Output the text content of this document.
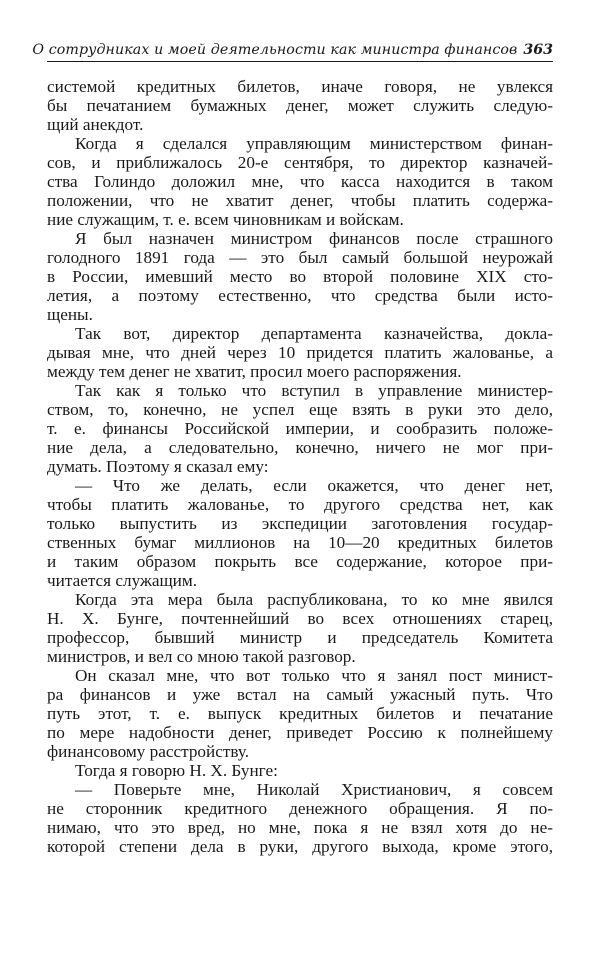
О сотрудниках и моей деятельности как министра финансов 363
системой кредитных билетов, иначе говоря, не увлекся
бы печатанием бумажных денег, может служить следую-
щий анекдот.
Когда я сделался управляющим министерством финан-
сов, и приближалось 20-е сентября, то директор казначей-
ства Голиндо доложил мне, что касса находится в таком
положении, что не хватит денег, чтобы платить содержа-
ние служащим, т. е. всем чиновникам и войскам.
Я был назначен министром финансов после страшного
голодного 1891 года — это был самый большой неурожай
в России, имевший место во второй половине XIX сто-
летия, а поэтому естественно, что средства были исто-
щены.
Так вот, директор департамента казначейства, докла-
дывая мне, что дней через 10 придется платить жалованье, а
между тем денег не хватит, просил моего распоряжения.
Так как я только что вступил в управление министер-
ством, то, конечно, не успел еще взять в руки это дело,
т. е. финансы Российской империи, и сообразить положе-
ние дела, а следовательно, конечно, ничего не мог при-
думать. Поэтому я сказал ему:
— Что же делать, если окажется, что денег нет,
чтобы платить жалованье, то другого средства нет, как
только выпустить из экспедиции заготовления государ-
ственных бумаг миллионов на 10—20 кредитных билетов
и таким образом покрыть все содержание, которое при-
читается служащим.
Когда эта мера была распубликована, то ко мне явился
Н. Х. Бунге, почтеннейший во всех отношениях старец,
профессор, бывший министр и председатель Комитета
министров, и вел со мною такой разговор.
Он сказал мне, что вот только что я занял пост минист-
ра финансов и уже встал на самый ужасный путь. Что
путь этот, т. е. выпуск кредитных билетов и печатание
по мере надобности денег, приведет Россию к полнейшему
финансовому расстройству.
Тогда я говорю Н. Х. Бунге:
— Поверьте мне, Николай Христианович, я совсем
не сторонник кредитного денежного обращения. Я по-
нимаю, что это вред, но мне, пока я не взял хотя до не-
которой степени дела в руки, другого выхода, кроме этого,
